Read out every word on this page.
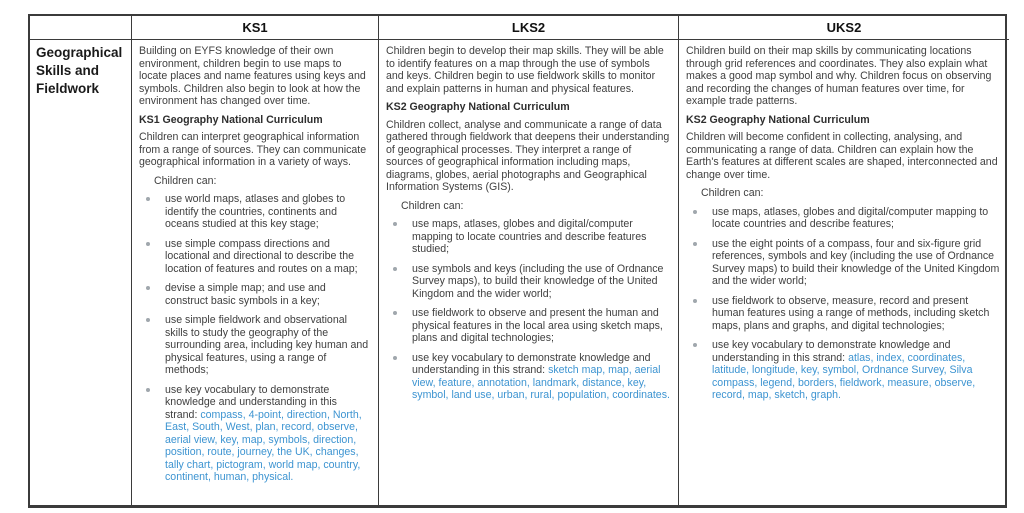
KS1	LKS2	UKS2
Geographical Skills and Fieldwork

Building on EYFS knowledge of their own environment, children begin to use maps to locate places and name features using keys and symbols. Children also begin to look at how the environment has changed over time.

KS1 Geography National Curriculum

Children can interpret geographical information from a range of sources. They can communicate geographical information in a variety of ways.

Children can:

use world maps, atlases and globes to identify the countries, continents and oceans studied at this key stage;
use simple compass directions and locational and directional to describe the location of features and routes on a map;
devise a simple map; and use and construct basic symbols in a key;
use simple fieldwork and observational skills to study the geography of the surrounding area, including key human and physical features, using a range of methods;
use key vocabulary to demonstrate knowledge and understanding in this strand: compass, 4-point, direction, North, East, South, West, plan, record, observe, aerial view, key, map, symbols, direction, position, route, journey, the UK, changes, tally chart, pictogram, world map, country, continent, human, physical.

Children begin to develop their map skills. They will be able to identify features on a map through the use of symbols and keys. Children begin to use fieldwork skills to monitor and explain patterns in human and physical features.

KS2 Geography National Curriculum

Children collect, analyse and communicate a range of data gathered through fieldwork that deepens their understanding of geographical processes. They interpret a range of sources of geographical information including maps, diagrams, globes, aerial photographs and Geographical Information Systems (GIS).

Children can:

use maps, atlases, globes and digital/computer mapping to locate countries and describe features studied;
use symbols and keys (including the use of Ordnance Survey maps), to build their knowledge of the United Kingdom and the wider world;
use fieldwork to observe and present the human and physical features in the local area using sketch maps, plans and digital technologies;
use key vocabulary to demonstrate knowledge and understanding in this strand: sketch map, map, aerial view, feature, annotation, landmark, distance, key, symbol, land use, urban, rural, population, coordinates.

Children build on their map skills by communicating locations through grid references and coordinates. They also explain what makes a good map symbol and why. Children focus on observing and recording the changes of human features over time, for example trade patterns.

KS2 Geography National Curriculum

Children will become confident in collecting, analysing, and communicating a range of data. Children can explain how the Earth's features at different scales are shaped, interconnected and change over time.

Children can:

use maps, atlases, globes and digital/computer mapping to locate countries and describe features;
use the eight points of a compass, four and six-figure grid references, symbols and key (including the use of Ordnance Survey maps) to build their knowledge of the United Kingdom and the wider world;
use fieldwork to observe, measure, record and present human features using a range of methods, including sketch maps, plans and graphs, and digital technologies;
use key vocabulary to demonstrate knowledge and understanding in this strand: atlas, index, coordinates, latitude, longitude, key, symbol, Ordnance Survey, Silva compass, legend, borders, fieldwork, measure, observe, record, map, sketch, graph.
